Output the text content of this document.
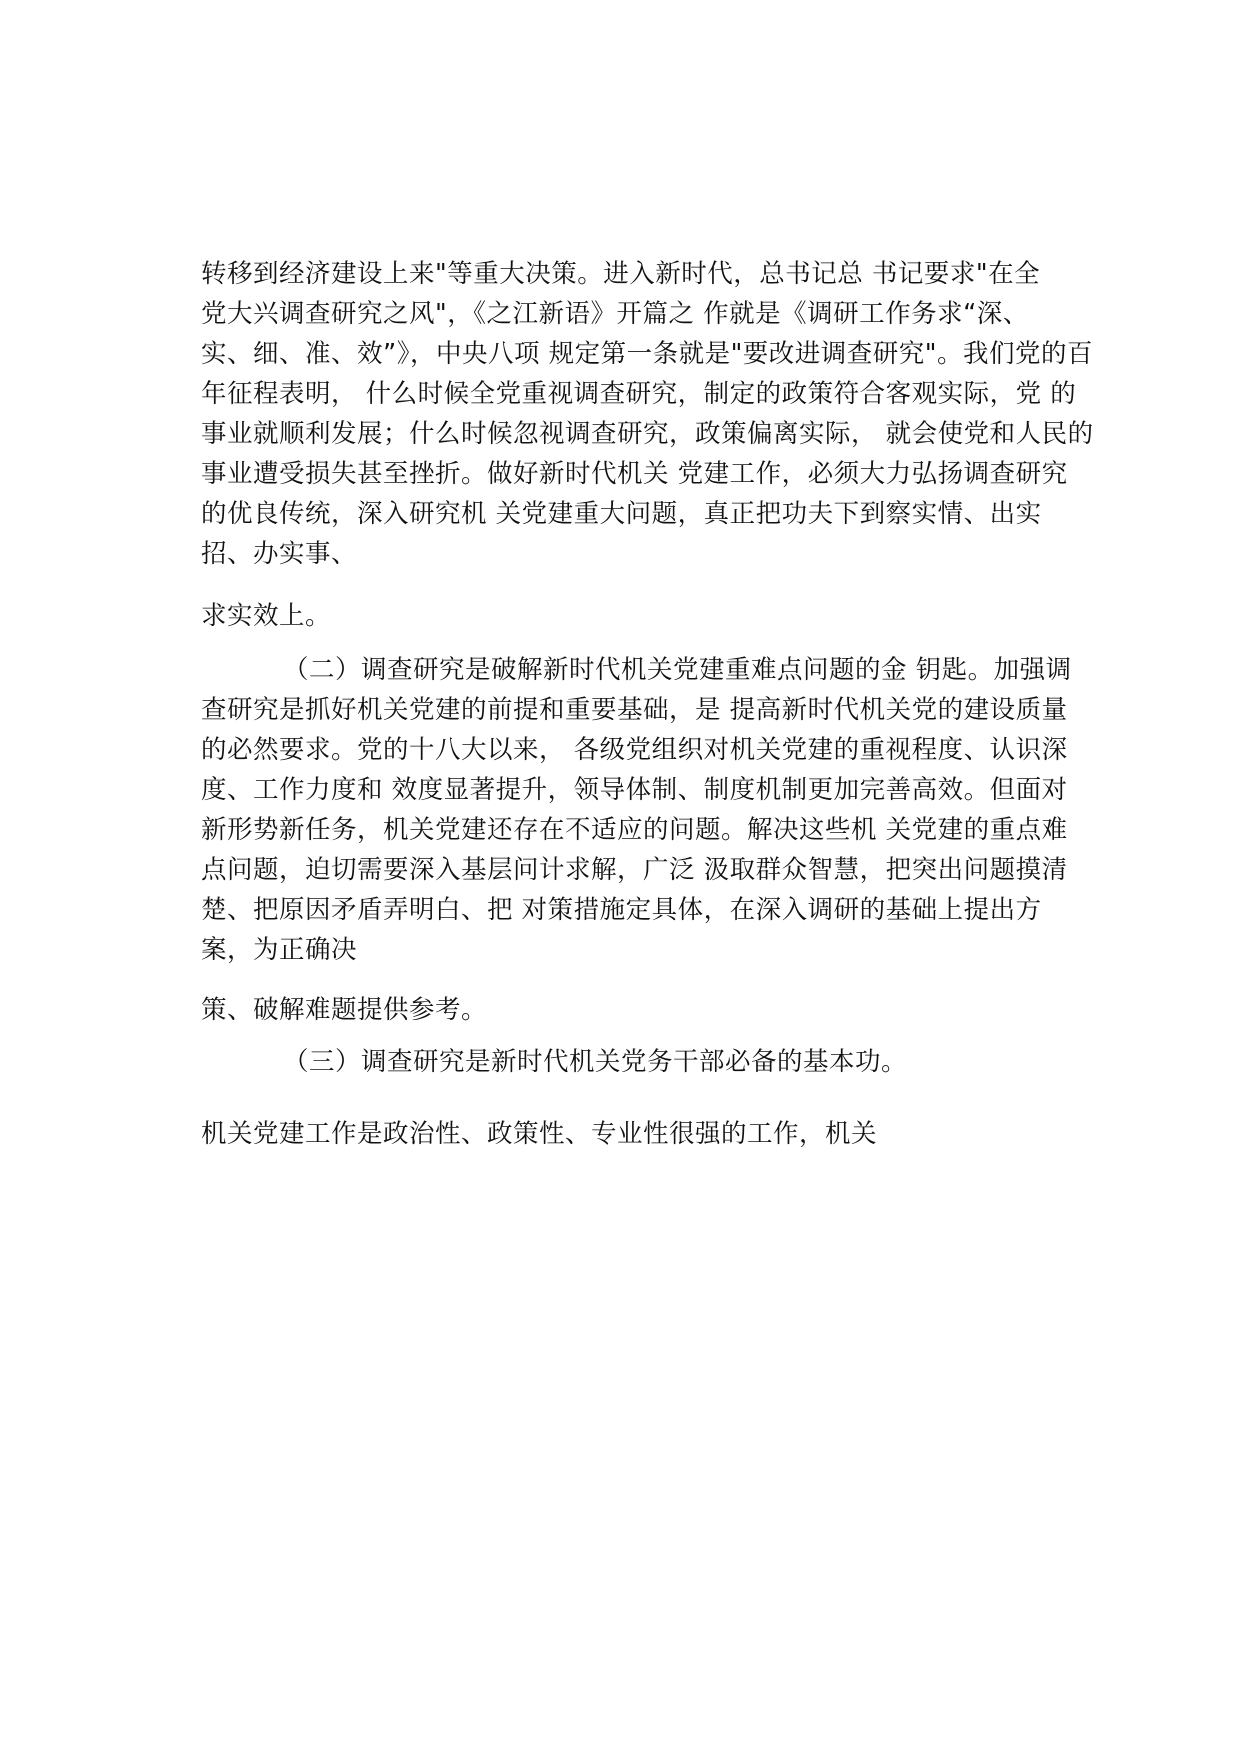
转移到经济建设上来"等重大决策。进入新时代，总书记总 书记要求"在全
党大兴调查研究之风"，《之江新语》开篇之 作就是《调研工作务求“深、
实、细、准、效”》，中央八项 规定第一条就是"要改进调查研究"。我们党的百
年征程表明， 什么时候全党重视调查研究，制定的政策符合客观实际，党 的
事业就顺利发展；什么时候忽视调查研究，政策偏离实际， 就会使党和人民的
事业遭受损失甚至挫折。做好新时代机关 党建工作，必须大力弘扬调查研究
的优良传统，深入研究机 关党建重大问题，真正把功夫下到察实情、出实
招、办实事、
求实效上。
（二）调查研究是破解新时代机关党建重难点问题的金 钥匙。加强调
查研究是抓好机关党建的前提和重要基础，是 提高新时代机关党的建设质量
的必然要求。党的十八大以来， 各级党组织对机关党建的重视程度、认识深
度、工作力度和 效度显著提升，领导体制、制度机制更加完善高效。但面对
新形势新任务，机关党建还存在不适应的问题。解决这些机 关党建的重点难
点问题，迫切需要深入基层问计求解，广泛 汲取群众智慧，把突出问题摸清
楚、把原因矛盾弄明白、把 对策措施定具体，在深入调研的基础上提出方
案，为正确决
策、破解难题提供参考。
（三）调查研究是新时代机关党务干部必备的基本功。
机关党建工作是政治性、政策性、专业性很强的工作，机关
